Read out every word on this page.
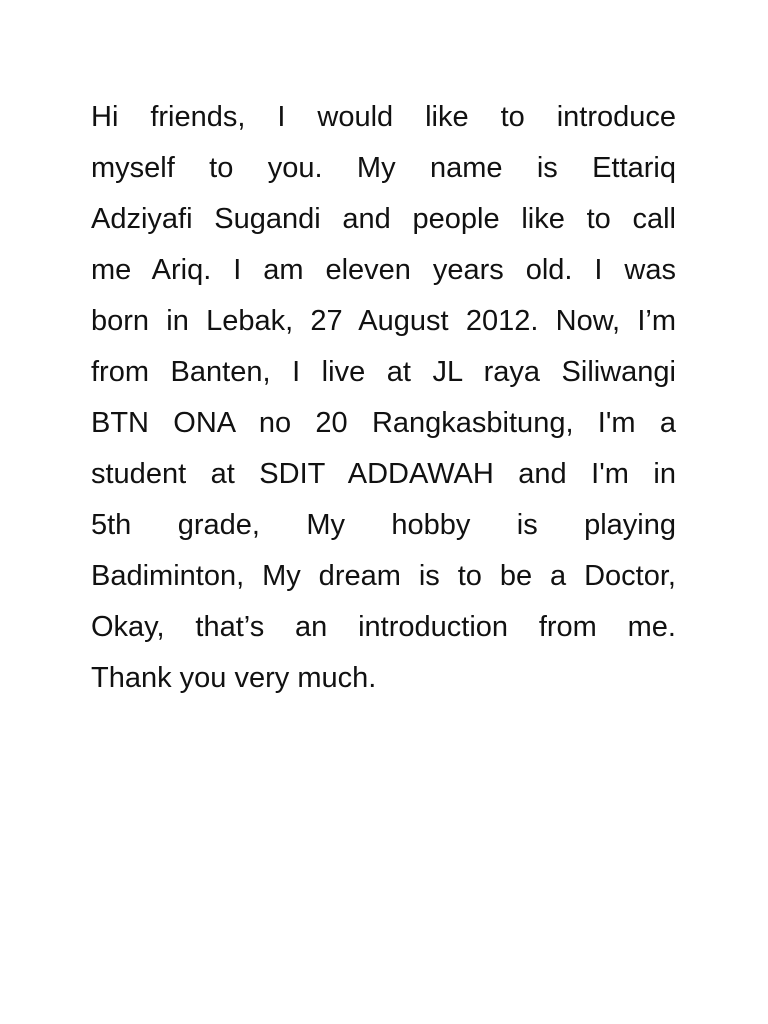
Hi friends, I would like to introduce
myself to you. My name is Ettariq
Adziyafi Sugandi and people like to call
me Ariq. I am eleven years old. I was
born in Lebak, 27 August 2012. Now, I’m
from Banten, I live at JL raya Siliwangi
BTN ONA no 20 Rangkasbitung, I'm a
student at SDIT ADDAWAH and I'm in
5th grade, My hobby is playing
Badiminton, My dream is to be a Doctor,
Okay, that’s an introduction from me.
Thank you very much.
